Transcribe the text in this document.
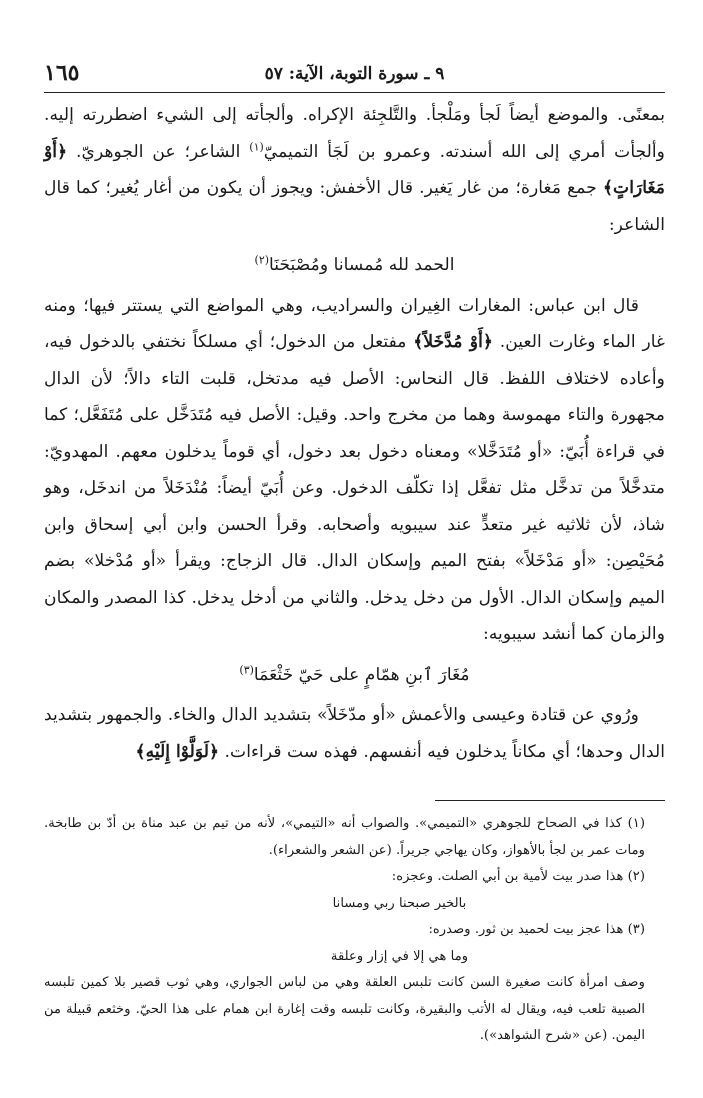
٩ ـ سورة التوبة، الآية: ٥٧
١٦٥

بمعنًى. والموضع أيضاً لَجأ ومَلْجأ. والتَّلجِئة الإكراه. وألجأته إلى الشيء اضطررته إليه. وألجأت أمري إلى الله أسندته. وعمرو بن لَجَأ التميميّ$^{(١)}$ الشاعر؛ عن الجوهريّ. ﴿أَوْ مَغَارَاتٍ﴾ جمع مَغارة؛ من غار يَغير. قال الأخفش: ويجوز أن يكون من أغار يُغير؛ كما قال الشاعر:

الحمد لله مُمسانا ومُصْبَحَنَا$^{(٢)}$

قال ابن عباس: المغارات الغِيران والسراديب، وهي المواضع التي يستتر فيها؛ ومنه غار الماء وغارت العين. ﴿أَوْ مُدَّخَلاً﴾ مفتعل من الدخول؛ أي مسلكاً نختفي بالدخول فيه، وأعاده لاختلاف اللفظ. قال النحاس: الأصل فيه مدتخل، قلبت التاء دالاً؛ لأن الدال مجهورة والتاء مهموسة وهما من مخرج واحد. وقيل: الأصل فيه مُتَدَخَّل على مُتَفَعَّل؛ كما في قراءة أُبَيّ: «أو مُتَدَخَّلا» ومعناه دخول بعد دخول، أي قوماً يدخلون معهم. المهدويّ: متدخَّلاً من تدخَّل مثل تفعَّل إذا تكلّف الدخول. وعن أُبَيّ أيضاً: مُنْدَخَلاً من اندخَل، وهو شاذ، لأن ثلاثيه غير متعدٍّ عند سيبويه وأصحابه. وقرأ الحسن وابن أبي إسحاق وابن مُحَيْصِن: «أو مَدْخَلاً» بفتح الميم وإسكان الدال. قال الزجاج: ويقرأ «أو مُدْخلا» بضم الميم وإسكان الدال. الأول من دخل يدخل. والثاني من أدخل يدخل. كذا المصدر والمكان والزمان كما أنشد سيبويه:

مُغَارَ ٱبنِ همّامٍ على حَيّ خَثْعَمَا$^{(٣)}$

ورُوي عن قتادة وعيسى والأعمش «أو مدّخَلاً» بتشديد الدال والخاء. والجمهور بتشديد الدال وحدها؛ أي مكاناً يدخلون فيه أنفسهم. فهذه ست قراءات. ﴿لَوَلَّوْا إِلَيْهِ﴾

(١) كذا في الصحاح للجوهري «التميمي». والصواب أنه «التيمي»، لأنه من تيم بن عبد مناة بن أدّ بن طابخة. ومات عمر بن لجأ بالأهواز، وكان يهاجي جريراً. (عن الشعر والشعراء).

(٢) هذا صدر بيت لأمية بن أبي الصلت. وعجزه:

بالخير صبحنا ربي ومسانا

(٣) هذا عجز بيت لحميد بن ثور. وصدره:

وما هي إلا في إزار وعلقة

وصف امرأة كانت صغيرة السن كانت تلبس العلقة وهي من لباس الجواري، وهي ثوب قصير بلا كمين تلبسه الصبية تلعب فيه، ويقال له الأتب والبقيرة، وكانت تلبسه وقت إغارة ابن همام على هذا الحيّ. وخثعم قبيلة من اليمن. (عن «شرح الشواهد»).
